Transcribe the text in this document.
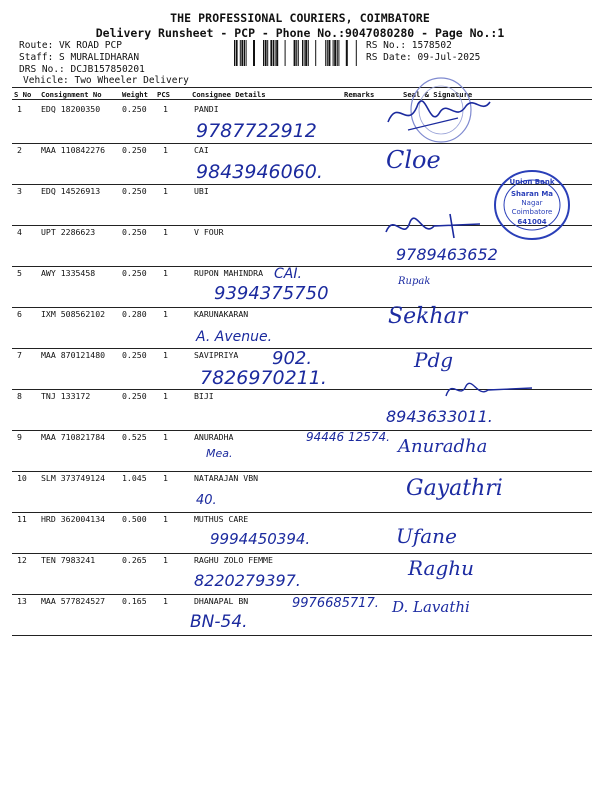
THE PROFESSIONAL COURIERS, COIMBATORE
Delivery Runsheet - PCP - Phone No.:9047080280 - Page No.:1
Route: VK ROAD PCP
Staff: S MURALIDHARAN
DRS No.: DCJB157850201
Vehicle: Two Wheeler Delivery
RS No.: 1578502
RS Date: 09-Jul-2025
S No Consignment No	Weight PCS	Consignee Details	Remarks	Seal & Signature
1 EDQ 18200350	0.250 1	PANDI
9787722912
2 MAA 110842276 0.250 1	CAI
9843946060.
3 EDQ 14526913	0.250 1	UBI
4 UPT 2286623	0.250 1	V FOUR
9789463652
5 AWY 1335458	0.250 1	RUPON MAHINDRA CAI.
9394375750
6 IXM 508562102 0.280 1	KARUNAKARAN
A. Avenue.
7 MAA 870121480 0.250 1	SAVIPRIYA 902.
7826970211.
8 TNJ 133172	0.250 1	BIJI
8943633011.
9 MAA 710821784 0.525 1	ANURADHA	94446 12574.
Mea.
10 SLM 373749124 1.045 1	NATARAJAN VBN
40.
11 HRD 362004134 0.500 1	MUTHUS CARE
9994450394.
12 TEN 7983241	0.265 1	RAGHU ZOLO FEMME
8220279397.
13 MAA 577824527 0.165 1	DHANAPAL BN	9976685717.
BN-54.
Union Bank
Sharan Ma
Nagar
Coimbatore
641004
Cloe
Rupak
Sekhar
Pdg
Anuradha
Gayathri
Ufane
Raghu
D. Lavathi
